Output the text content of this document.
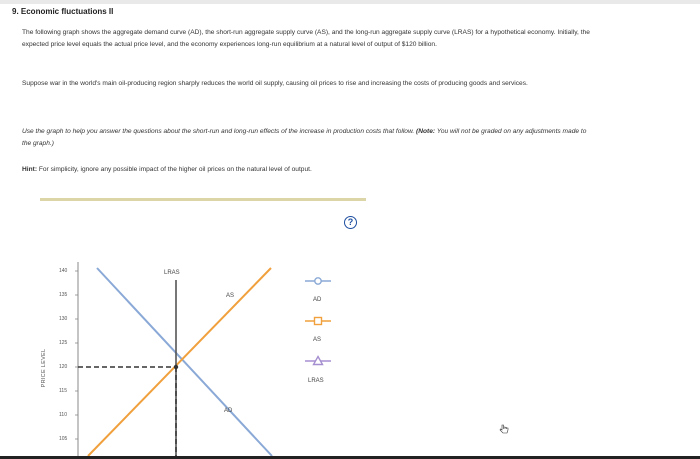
9. Economic fluctuations II

The following graph shows the aggregate demand curve (AD), the short-run aggregate supply curve (AS), and the long-run aggregate supply curve (LRAS) for a hypothetical economy. Initially, the expected price level equals the actual price level, and the economy experiences long-run equilibrium at a natural level of output of $120 billion.

Suppose war in the world's main oil-producing region sharply reduces the world oil supply, causing oil prices to rise and increasing the costs of producing goods and services.

Use the graph to help you answer the questions about the short-run and long-run effects of the increase in production costs that follow. (Note: You will not be graded on any adjustments made to the graph.)

Hint: For simplicity, ignore any possible impact of the higher oil prices on the natural level of output.
?
PRICE LEVEL
140
135
130
125
120
115
110
105
LRAS
AS
AD
AD
AS
LRAS
